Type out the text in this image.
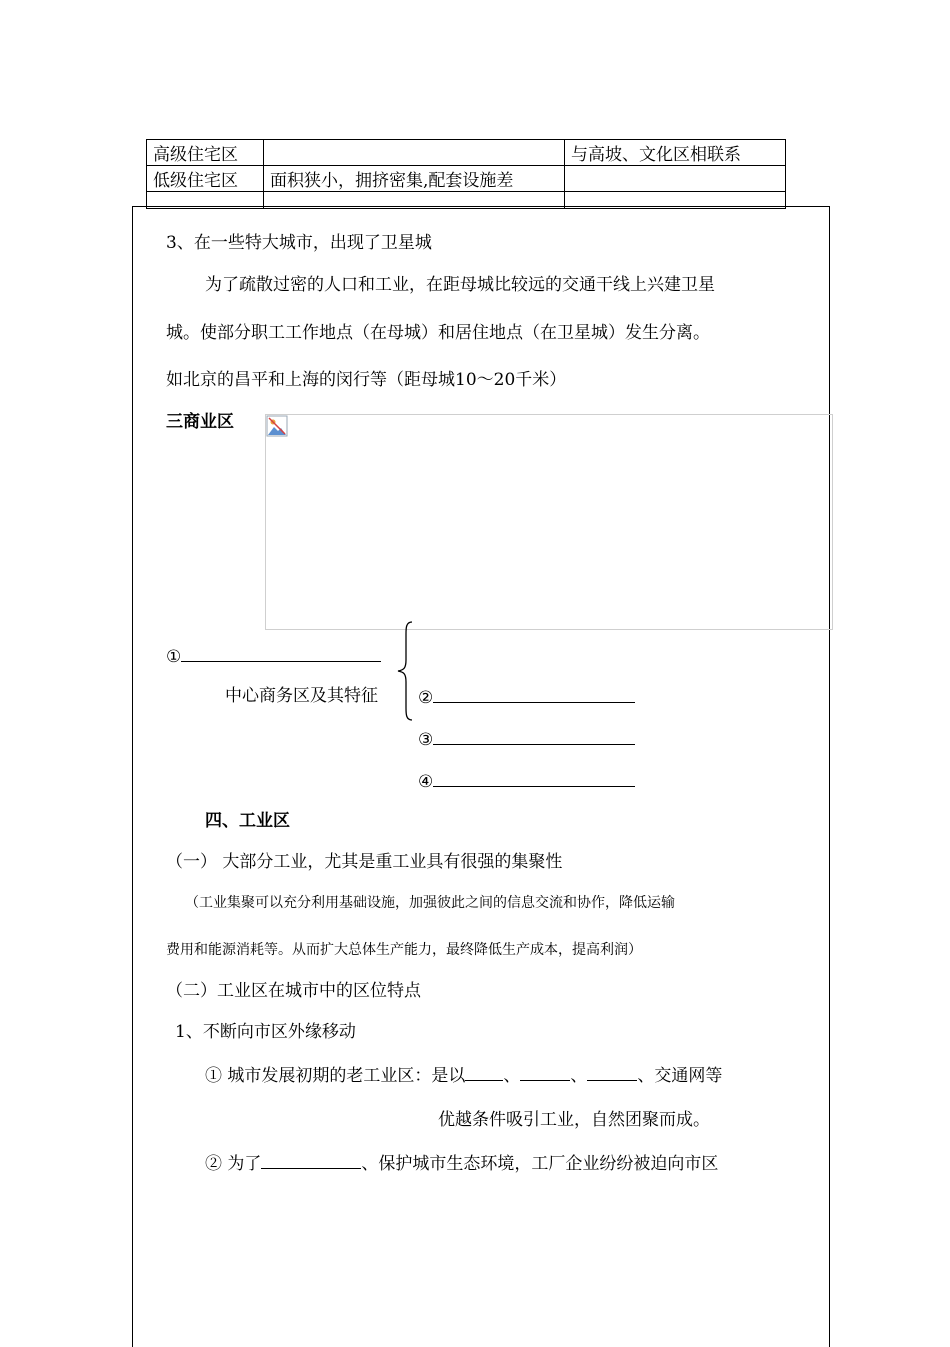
高级住宅区		与高坡、文化区相联系
低级住宅区	面积狭小，拥挤密集,配套设施差	

3、在一些特大城市，出现了卫星城
为了疏散过密的人口和工业，在距母城比较远的交通干线上兴建卫星
城。使部分职工工作地点（在母城）和居住地点（在卫星城）发生分离。
如北京的昌平和上海的闵行等（距母城10～20千米）
三商业区
①
中心商务区及其特征 ②
③
④
四、工业区
（一） 大部分工业，尤其是重工业具有很强的集聚性
（工业集聚可以充分利用基础设施，加强彼此之间的信息交流和协作，降低运输
费用和能源消耗等。从而扩大总体生产能力，最终降低生产成本，提高利润）
（二）工业区在城市中的区位特点
1、不断向市区外缘移动
① 城市发展初期的老工业区：是以 、	、	、交通网等
优越条件吸引工业，自然团聚而成。
② 为了	、保护城市生态环境，工厂企业纷纷被迫向市区
